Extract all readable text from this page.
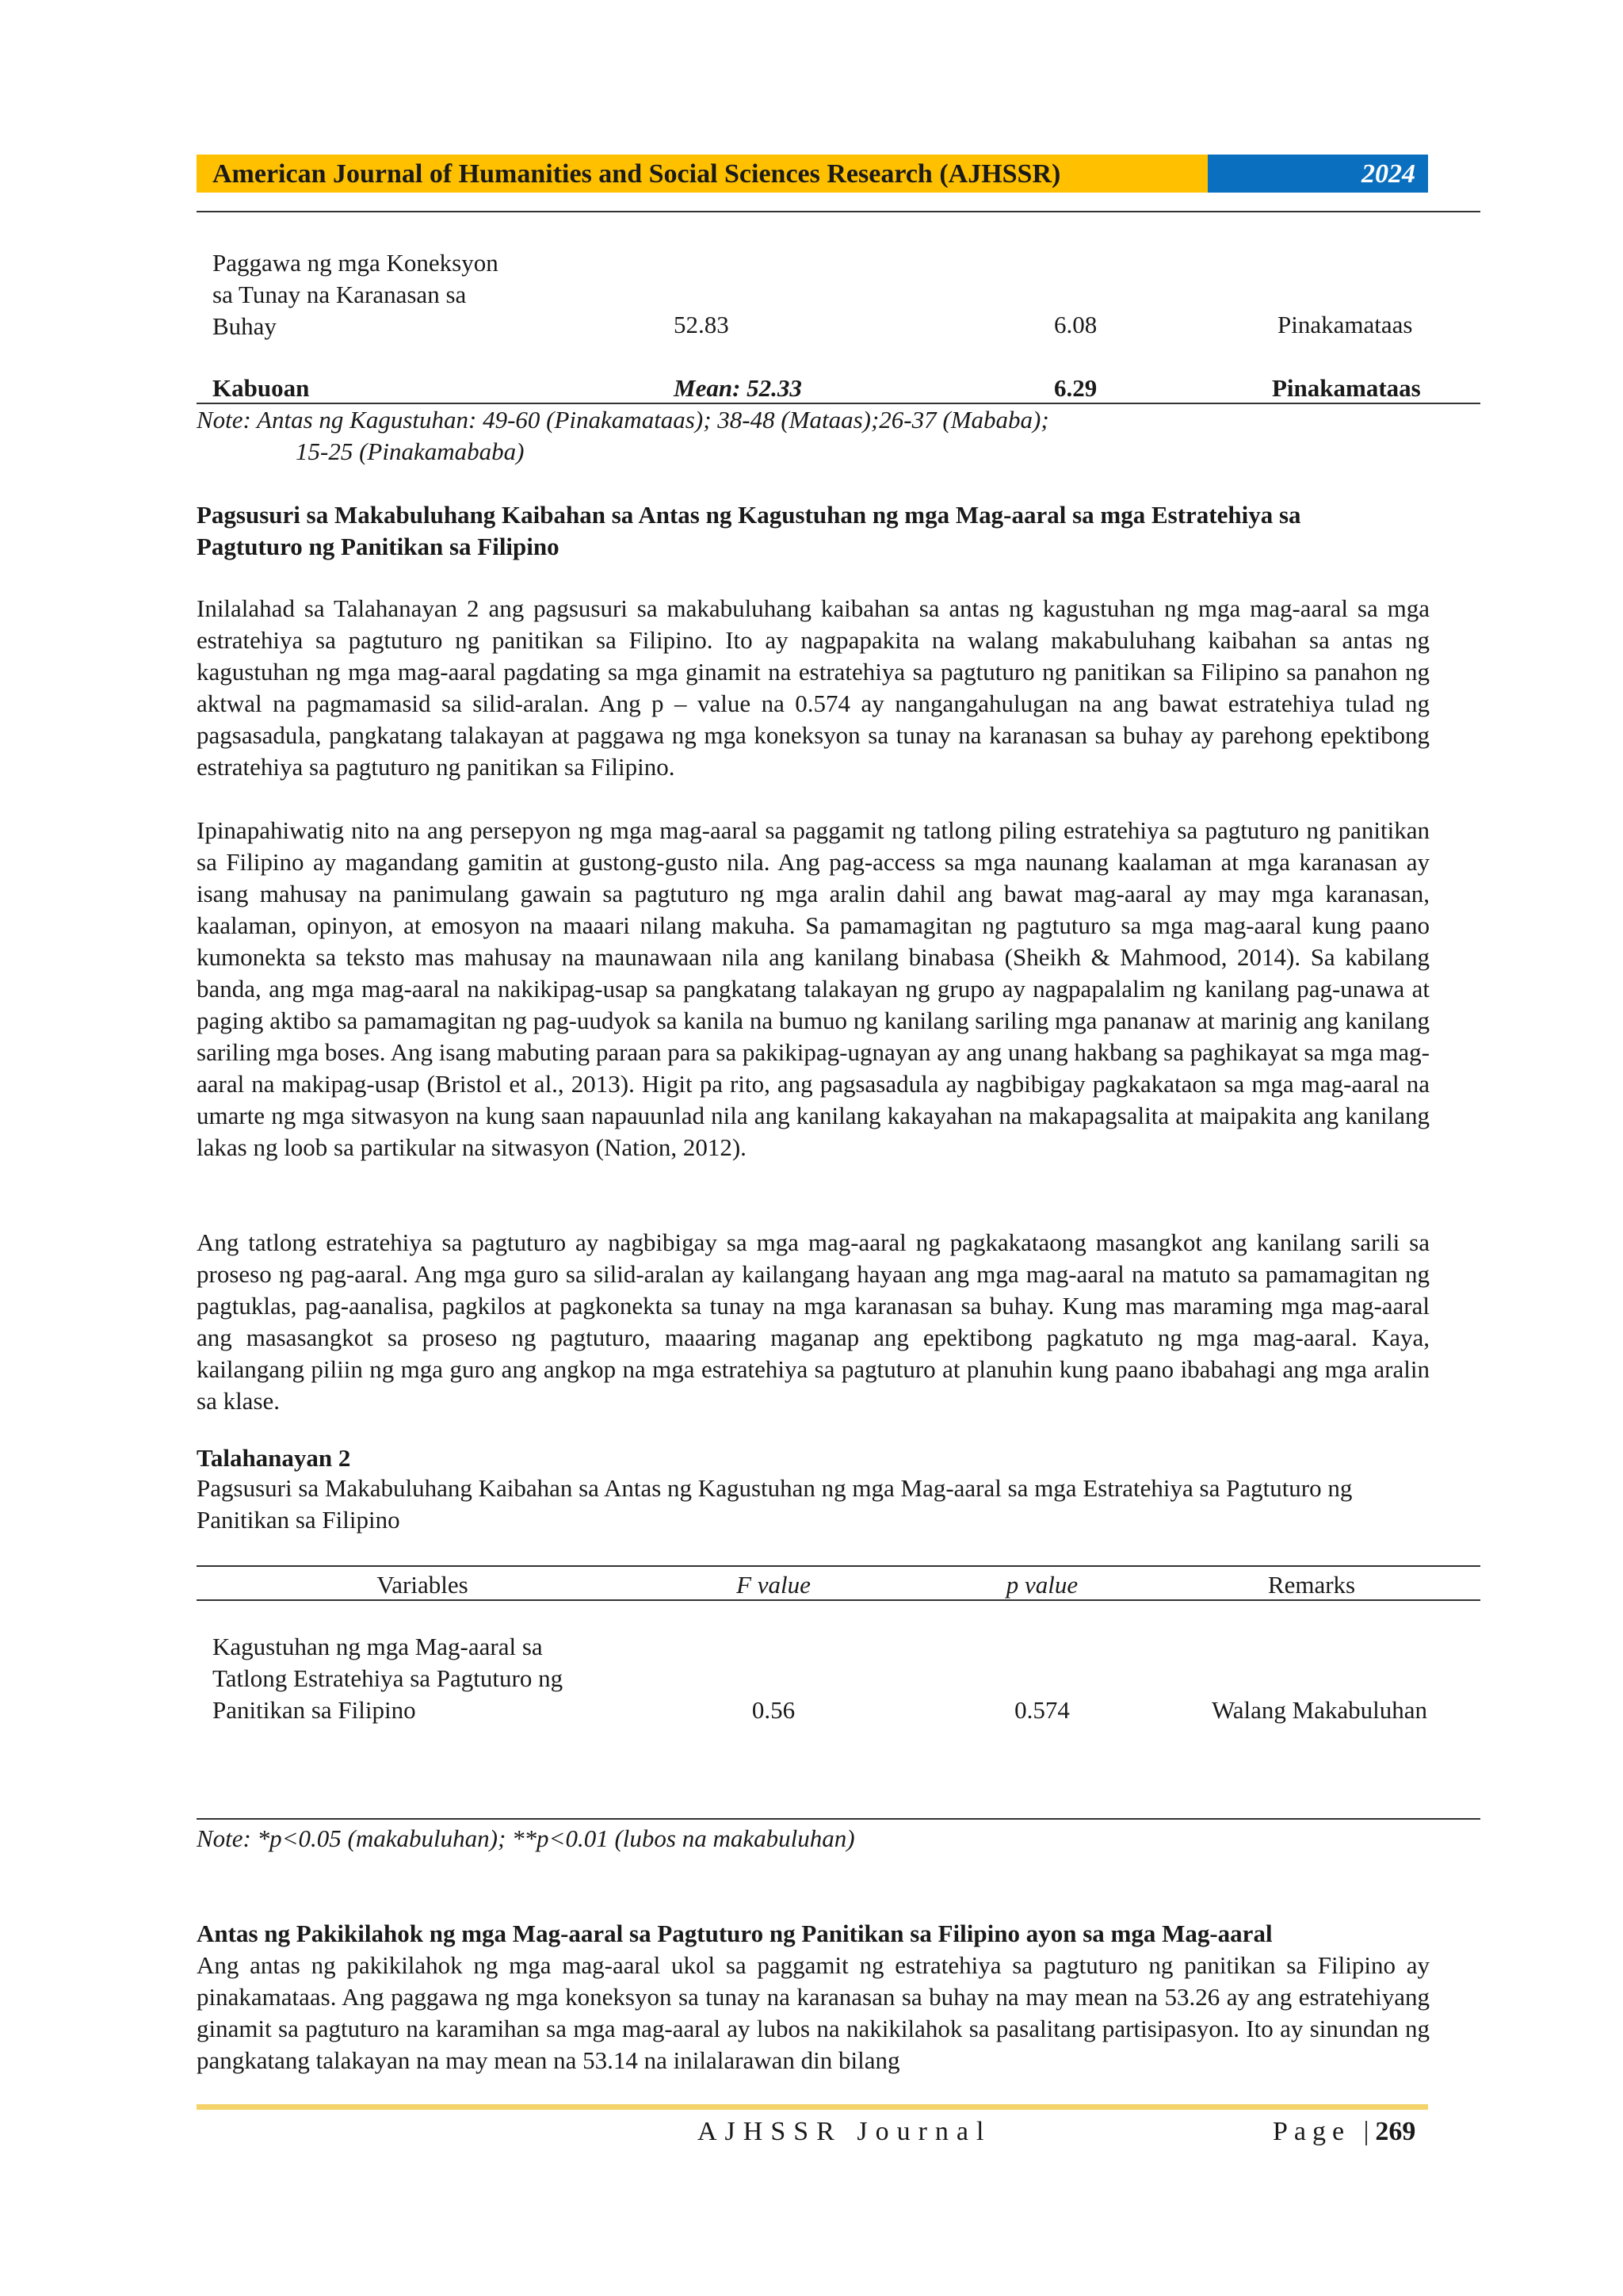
American Journal of Humanities and Social Sciences Research (AJHSSR)	2024
Paggawa ng mga Koneksyon
sa Tunay na Karanasan sa
Buhay	52.83	6.08	Pinakamataas
Kabuoan	Mean: 52.33	6.29	Pinakamataas
Note: Antas ng Kagustuhan: 49-60 (Pinakamataas); 38-48 (Mataas);26-37 (Mababa);
15-25 (Pinakamababa)
Pagsusuri sa Makabuluhang Kaibahan sa Antas ng Kagustuhan ng mga Mag-aaral sa mga Estratehiya sa
Pagtuturo ng Panitikan sa Filipino
Inilalahad sa Talahanayan 2 ang pagsusuri sa makabuluhang kaibahan sa antas ng kagustuhan ng mga mag-aaral sa mga estratehiya sa pagtuturo ng panitikan sa Filipino. Ito ay nagpapakita na walang makabuluhang kaibahan sa antas ng kagustuhan ng mga mag-aaral pagdating sa mga ginamit na estratehiya sa pagtuturo ng panitikan sa Filipino sa panahon ng aktwal na pagmamasid sa silid-aralan. Ang p – value na 0.574 ay nangangahulugan na ang bawat estratehiya tulad ng pagsasadula, pangkatang talakayan at paggawa ng mga koneksyon sa tunay na karanasan sa buhay ay parehong epektibong estratehiya sa pagtuturo ng panitikan sa Filipino.
Ipinapahiwatig nito na ang persepyon ng mga mag-aaral sa paggamit ng tatlong piling estratehiya sa pagtuturo ng panitikan sa Filipino ay magandang gamitin at gustong-gusto nila. Ang pag-access sa mga naunang kaalaman at mga karanasan ay isang mahusay na panimulang gawain sa pagtuturo ng mga aralin dahil ang bawat mag-aaral ay may mga karanasan, kaalaman, opinyon, at emosyon na maaari nilang makuha. Sa pamamagitan ng pagtuturo sa mga mag-aaral kung paano kumonekta sa teksto mas mahusay na maunawaan nila ang kanilang binabasa (Sheikh & Mahmood, 2014). Sa kabilang banda, ang mga mag-aaral na nakikipag-usap sa pangkatang talakayan ng grupo ay nagpapalalim ng kanilang pag-unawa at paging aktibo sa pamamagitan ng pag-uudyok sa kanila na bumuo ng kanilang sariling mga pananaw at marinig ang kanilang sariling mga boses. Ang isang mabuting paraan para sa pakikipag-ugnayan ay ang unang hakbang sa paghikayat sa mga mag-aaral na makipag-usap (Bristol et al., 2013). Higit pa rito, ang pagsasadula ay nagbibigay pagkakataon sa mga mag-aaral na umarte ng mga sitwasyon na kung saan napauunlad nila ang kanilang kakayahan na makapagsalita at maipakita ang kanilang lakas ng loob sa partikular na sitwasyon (Nation, 2012).
Ang tatlong estratehiya sa pagtuturo ay nagbibigay sa mga mag-aaral ng pagkakataong masangkot ang kanilang sarili sa proseso ng pag-aaral. Ang mga guro sa silid-aralan ay kailangang hayaan ang mga mag-aaral na matuto sa pamamagitan ng pagtuklas, pag-aanalisa, pagkilos at pagkonekta sa tunay na mga karanasan sa buhay. Kung mas maraming mga mag-aaral ang masasangkot sa proseso ng pagtuturo, maaaring maganap ang epektibong pagkatuto ng mga mag-aaral. Kaya, kailangang piliin ng mga guro ang angkop na mga estratehiya sa pagtuturo at planuhin kung paano ibabahagi ang mga aralin sa klase.
Talahanayan 2
Pagsusuri sa Makabuluhang Kaibahan sa Antas ng Kagustuhan ng mga Mag-aaral sa mga Estratehiya sa Pagtuturo ng Panitikan sa Filipino
Variables	F value	p value	Remarks
Kagustuhan ng mga Mag-aaral sa
Tatlong Estratehiya sa Pagtuturo ng
Panitikan sa Filipino	0.56	0.574	Walang Makabuluhan
Note: *p<0.05 (makabuluhan); **p<0.01 (lubos na makabuluhan)
Antas ng Pakikilahok ng mga Mag-aaral sa Pagtuturo ng Panitikan sa Filipino ayon sa mga Mag-aaral
Ang antas ng pakikilahok ng mga mag-aaral ukol sa paggamit ng estratehiya sa pagtuturo ng panitikan sa Filipino ay pinakamataas. Ang paggawa ng mga koneksyon sa tunay na karanasan sa buhay na may mean na 53.26 ay ang estratehiyang ginamit sa pagtuturo na karamihan sa mga mag-aaral ay lubos na nakikilahok sa pasalitang partisipasyon. Ito ay sinundan ng pangkatang talakayan na may mean na 53.14 na inilalarawan din bilang
AJHSSR Journal	Page |269
